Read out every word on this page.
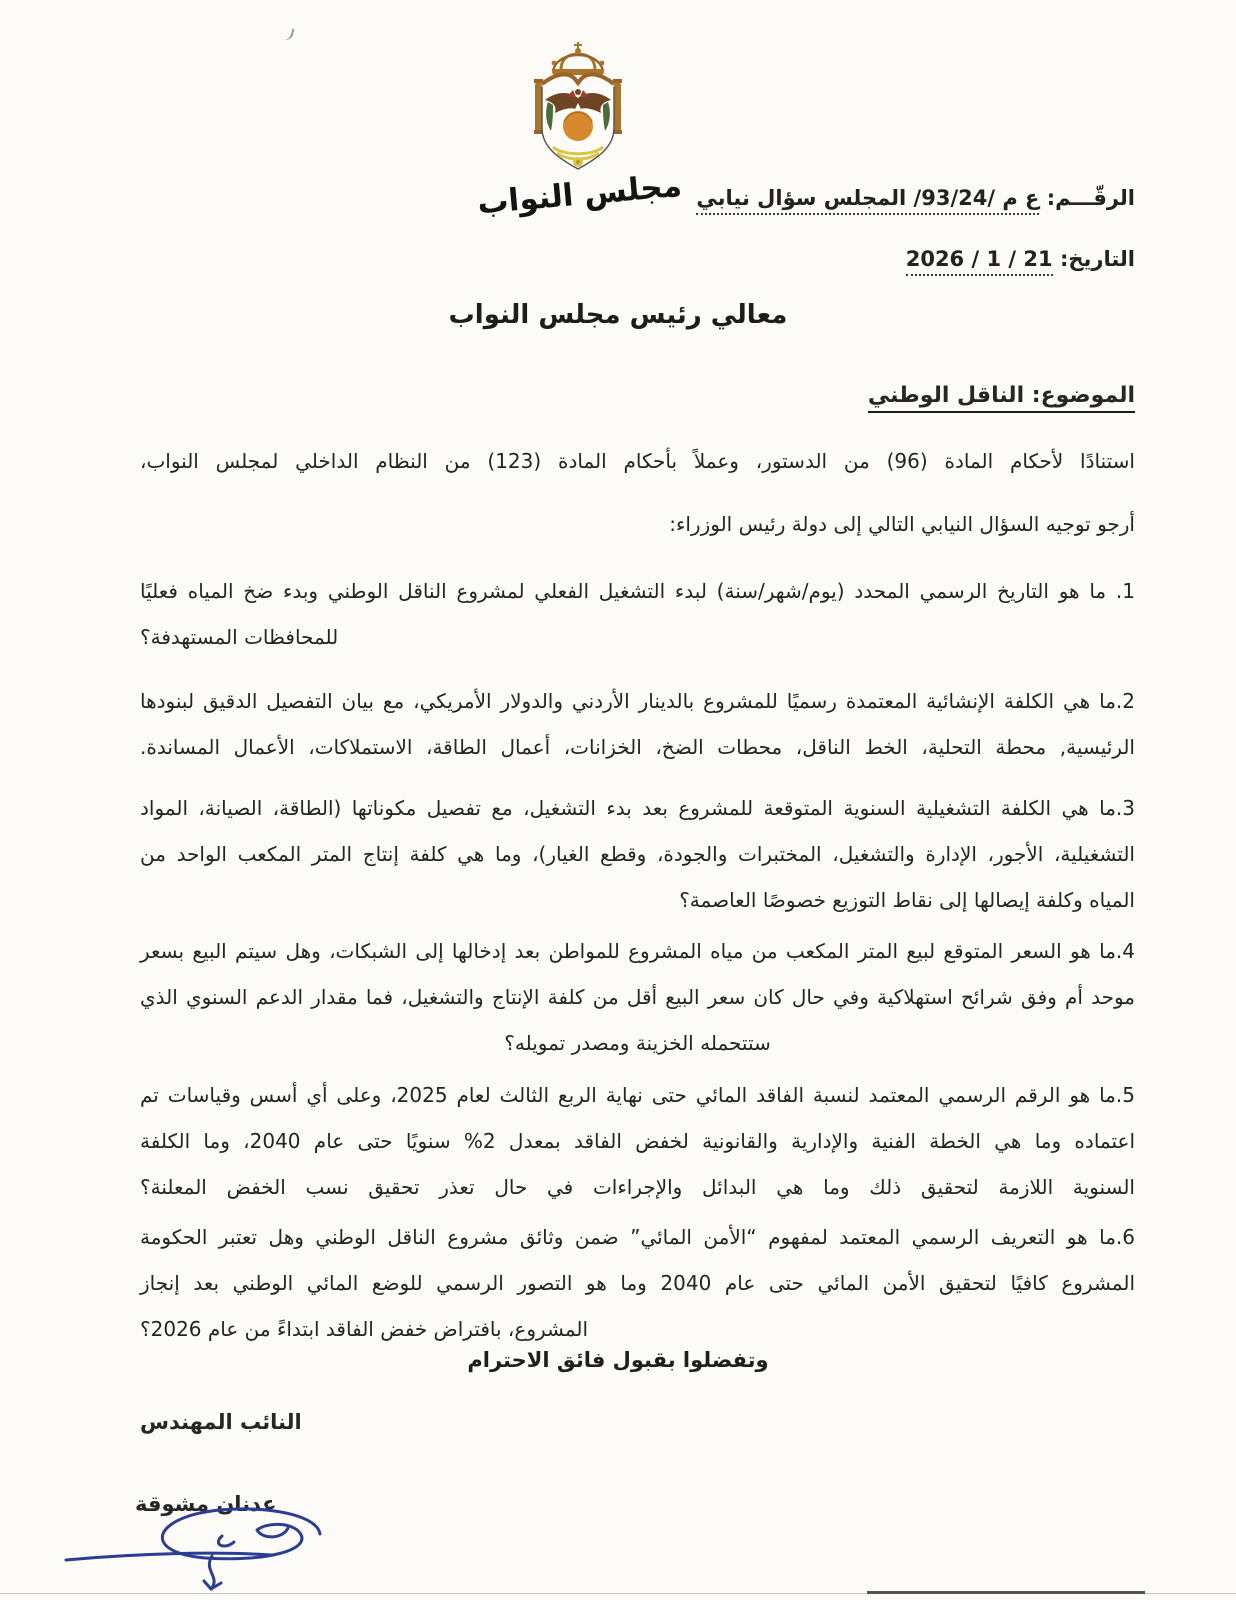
مجلس النواب	الرقّـــم: ع م /93/24/ المجلس سؤال نيابي
التاريخ: 21 / 1 / 2026
معالي رئيس مجلس النواب
الموضوع: الناقل الوطني
استنادًا لأحكام المادة (96) من الدستور، وعملاً بأحكام المادة (123) من النظام الداخلي لمجلس النواب،
أرجو توجيه السؤال النيابي التالي إلى دولة رئيس الوزراء:
1. ما هو التاريخ الرسمي المحدد (يوم/شهر/سنة) لبدء التشغيل الفعلي لمشروع الناقل الوطني وبدء ضخ المياه فعليًا
للمحافظات المستهدفة؟
2.ما هي الكلفة الإنشائية المعتمدة رسميًا للمشروع بالدينار الأردني والدولار الأمريكي، مع بيان التفصيل الدقيق لبنودها
الرئيسية, محطة التحلية، الخط الناقل، محطات الضخ، الخزانات، أعمال الطاقة، الاستملاكات، الأعمال المساندة.
3.ما هي الكلفة التشغيلية السنوية المتوقعة للمشروع بعد بدء التشغيل، مع تفصيل مكوناتها (الطاقة، الصيانة، المواد
التشغيلية، الأجور، الإدارة والتشغيل، المختبرات والجودة، وقطع الغيار)، وما هي كلفة إنتاج المتر المكعب الواحد من
المياه وكلفة إيصالها إلى نقاط التوزيع خصوصًا العاصمة؟
4.ما هو السعر المتوقع لبيع المتر المكعب من مياه المشروع للمواطن بعد إدخالها إلى الشبكات، وهل سيتم البيع بسعر
موحد أم وفق شرائح استهلاكية وفي حال كان سعر البيع أقل من كلفة الإنتاج والتشغيل، فما مقدار الدعم السنوي الذي
ستتحمله الخزينة ومصدر تمويله؟
5.ما هو الرقم الرسمي المعتمد لنسبة الفاقد المائي حتى نهاية الربع الثالث لعام 2025، وعلى أي أسس وقياسات تم
اعتماده وما هي الخطة الفنية والإدارية والقانونية لخفض الفاقد بمعدل 2% سنويًا حتى عام 2040، وما الكلفة
السنوية اللازمة لتحقيق ذلك وما هي البدائل والإجراءات في حال تعذر تحقيق نسب الخفض المعلنة؟
6.ما هو التعريف الرسمي المعتمد لمفهوم “الأمن المائي” ضمن وثائق مشروع الناقل الوطني وهل تعتبر الحكومة
المشروع كافيًا لتحقيق الأمن المائي حتى عام 2040 وما هو التصور الرسمي للوضع المائي الوطني بعد إنجاز
المشروع، بافتراض خفض الفاقد ابتداءً من عام 2026؟
وتفضلوا بقبول فائق الاحترام
النائب المهندس
عدنان مشوقة
